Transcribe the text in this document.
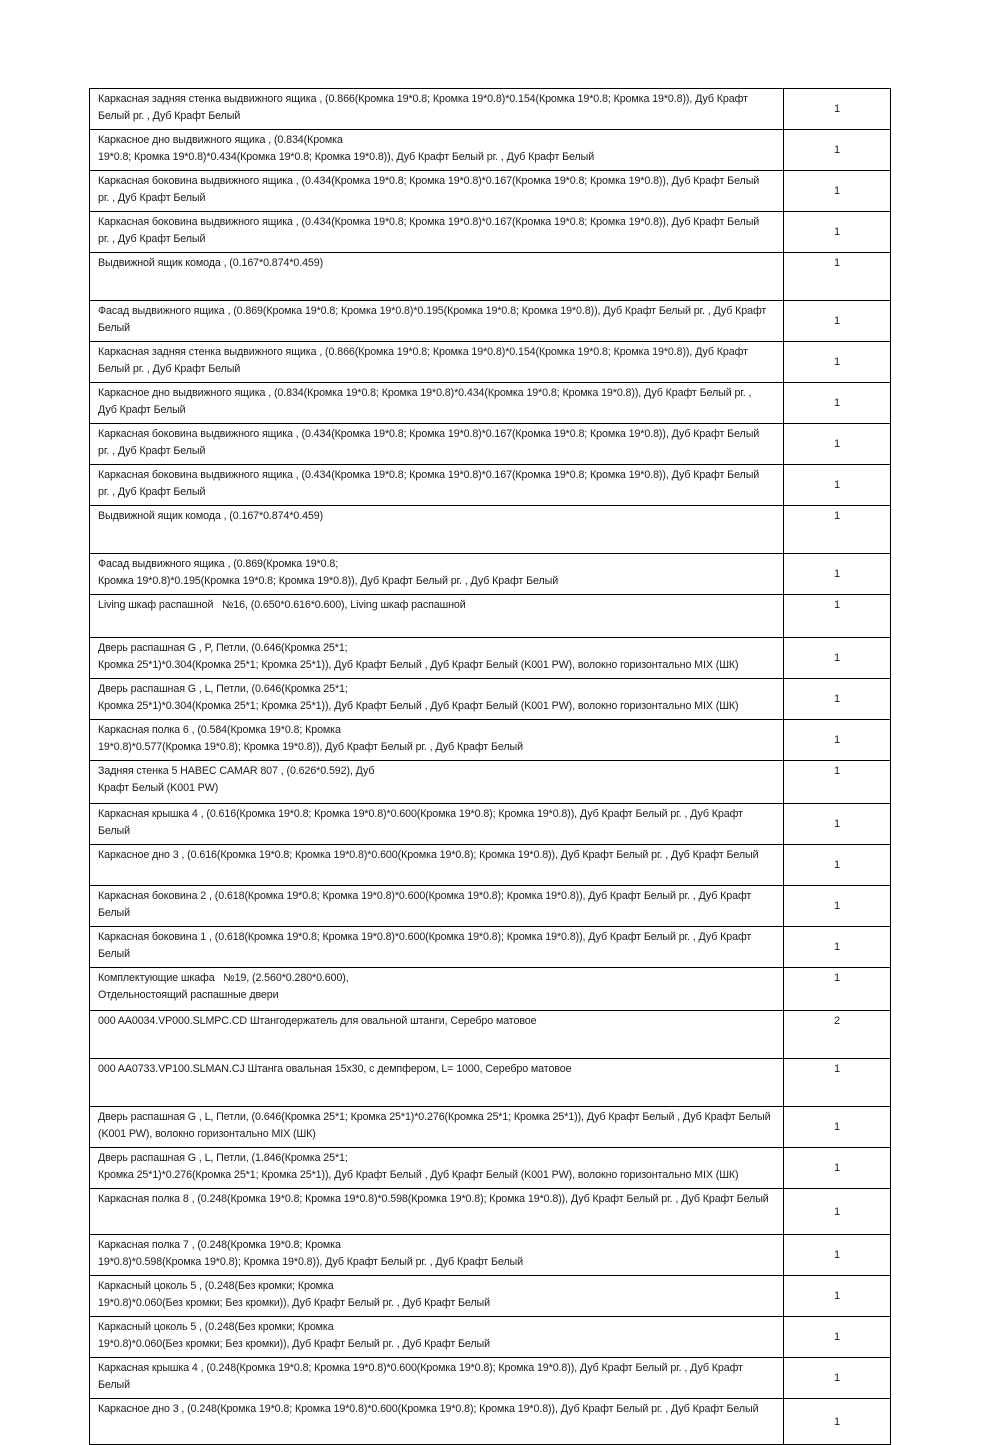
Каркасная задняя стенка выдвижного ящика , (0.866(Кромка 19*0.8; Кромка 19*0.8)*0.154(Кромка 19*0.8; Кромка 19*0.8)), Дуб Крафт
Белый рг. , Дуб Крафт Белый	1

Каркасное дно выдвижного ящика , (0.834(Кромка
19*0.8; Кромка 19*0.8)*0.434(Кромка 19*0.8; Кромка 19*0.8)), Дуб Крафт Белый рг. , Дуб Крафт Белый	1

Каркасная боковина выдвижного ящика , (0.434(Кромка 19*0.8; Кромка 19*0.8)*0.167(Кромка 19*0.8; Кромка 19*0.8)), Дуб Крафт Белый
рг. , Дуб Крафт Белый	1

Каркасная боковина выдвижного ящика , (0.434(Кромка 19*0.8; Кромка 19*0.8)*0.167(Кромка 19*0.8; Кромка 19*0.8)), Дуб Крафт Белый
рг. , Дуб Крафт Белый	1

Выдвижной ящик комода , (0.167*0.874*0.459)	1

Фасад выдвижного ящика , (0.869(Кромка 19*0.8; Кромка 19*0.8)*0.195(Кромка 19*0.8; Кромка 19*0.8)), Дуб Крафт Белый рг. , Дуб Крафт
Белый	1

Каркасная задняя стенка выдвижного ящика , (0.866(Кромка 19*0.8; Кромка 19*0.8)*0.154(Кромка 19*0.8; Кромка 19*0.8)), Дуб Крафт
Белый рг. , Дуб Крафт Белый	1

Каркасное дно выдвижного ящика , (0.834(Кромка 19*0.8; Кромка 19*0.8)*0.434(Кромка 19*0.8; Кромка 19*0.8)), Дуб Крафт Белый рг. ,
Дуб Крафт Белый	1

Каркасная боковина выдвижного ящика , (0.434(Кромка 19*0.8; Кромка 19*0.8)*0.167(Кромка 19*0.8; Кромка 19*0.8)), Дуб Крафт Белый
рг. , Дуб Крафт Белый	1

Каркасная боковина выдвижного ящика , (0.434(Кромка 19*0.8; Кромка 19*0.8)*0.167(Кромка 19*0.8; Кромка 19*0.8)), Дуб Крафт Белый
рг. , Дуб Крафт Белый	1

Выдвижной ящик комода , (0.167*0.874*0.459)	1

Фасад выдвижного ящика , (0.869(Кромка 19*0.8;
Кромка 19*0.8)*0.195(Кромка 19*0.8; Кромка 19*0.8)), Дуб Крафт Белый рг. , Дуб Крафт Белый	1

Living шкаф распашной   №16, (0.650*0.616*0.600), Living шкаф распашной	1

Дверь распашная G , P, Петли, (0.646(Кромка 25*1;
Кромка 25*1)*0.304(Кромка 25*1; Кромка 25*1)), Дуб Крафт Белый , Дуб Крафт Белый (K001 PW), волокно горизонтально MIX (ШК)	1

Дверь распашная G , L, Петли, (0.646(Кромка 25*1;
Кромка 25*1)*0.304(Кромка 25*1; Кромка 25*1)), Дуб Крафт Белый , Дуб Крафт Белый (K001 PW), волокно горизонтально MIX (ШК)	1

Каркасная полка 6 , (0.584(Кромка 19*0.8; Кромка
19*0.8)*0.577(Кромка 19*0.8); Кромка 19*0.8)), Дуб Крафт Белый рг. , Дуб Крафт Белый	1

Задняя стенка 5 НАВЕС CAMAR 807 , (0.626*0.592), Дуб
Крафт Белый (K001 PW)	1

Каркасная крышка 4 , (0.616(Кромка 19*0.8; Кромка 19*0.8)*0.600(Кромка 19*0.8); Кромка 19*0.8)), Дуб Крафт Белый рг. , Дуб Крафт
Белый	1

Каркасное дно 3 , (0.616(Кромка 19*0.8; Кромка 19*0.8)*0.600(Кромка 19*0.8); Кромка 19*0.8)), Дуб Крафт Белый рг. , Дуб Крафт Белый	1

Каркасная боковина 2 , (0.618(Кромка 19*0.8; Кромка 19*0.8)*0.600(Кромка 19*0.8); Кромка 19*0.8)), Дуб Крафт Белый рг. , Дуб Крафт
Белый	1

Каркасная боковина 1 , (0.618(Кромка 19*0.8; Кромка 19*0.8)*0.600(Кромка 19*0.8); Кромка 19*0.8)), Дуб Крафт Белый рг. , Дуб Крафт
Белый	1

Комплектующие шкафа   №19, (2.560*0.280*0.600),
Отдельностоящий распашные двери	1

000 AA0034.VP000.SLMPC.CD Штангодержатель для овальной штанги, Серебро матовое	2

000 AA0733.VP100.SLMAN.CJ Штанга овальная 15x30, с демпфером, L= 1000, Серебро матовое	1

Дверь распашная G , L, Петли, (0.646(Кромка 25*1; Кромка 25*1)*0.276(Кромка 25*1; Кромка 25*1)), Дуб Крафт Белый , Дуб Крафт Белый
(K001 PW), волокно горизонтально MIX (ШК)	1

Дверь распашная G , L, Петли, (1.846(Кромка 25*1;
Кромка 25*1)*0.276(Кромка 25*1; Кромка 25*1)), Дуб Крафт Белый , Дуб Крафт Белый (K001 PW), волокно горизонтально MIX (ШК)	1

Каркасная полка 8 , (0.248(Кромка 19*0.8; Кромка 19*0.8)*0.598(Кромка 19*0.8); Кромка 19*0.8)), Дуб Крафт Белый рг. , Дуб Крафт Белый	1

Каркасная полка 7 , (0.248(Кромка 19*0.8; Кромка
19*0.8)*0.598(Кромка 19*0.8); Кромка 19*0.8)), Дуб Крафт Белый рг. , Дуб Крафт Белый	1

Каркасный цоколь 5 , (0.248(Без кромки; Кромка
19*0.8)*0.060(Без кромки; Без кромки)), Дуб Крафт Белый рг. , Дуб Крафт Белый	1

Каркасный цоколь 5 , (0.248(Без кромки; Кромка
19*0.8)*0.060(Без кромки; Без кромки)), Дуб Крафт Белый рг. , Дуб Крафт Белый	1

Каркасная крышка 4 , (0.248(Кромка 19*0.8; Кромка 19*0.8)*0.600(Кромка 19*0.8); Кромка 19*0.8)), Дуб Крафт Белый рг. , Дуб Крафт
Белый	1

Каркасное дно 3 , (0.248(Кромка 19*0.8; Кромка 19*0.8)*0.600(Кромка 19*0.8); Кромка 19*0.8)), Дуб Крафт Белый рг. , Дуб Крафт Белый	1
